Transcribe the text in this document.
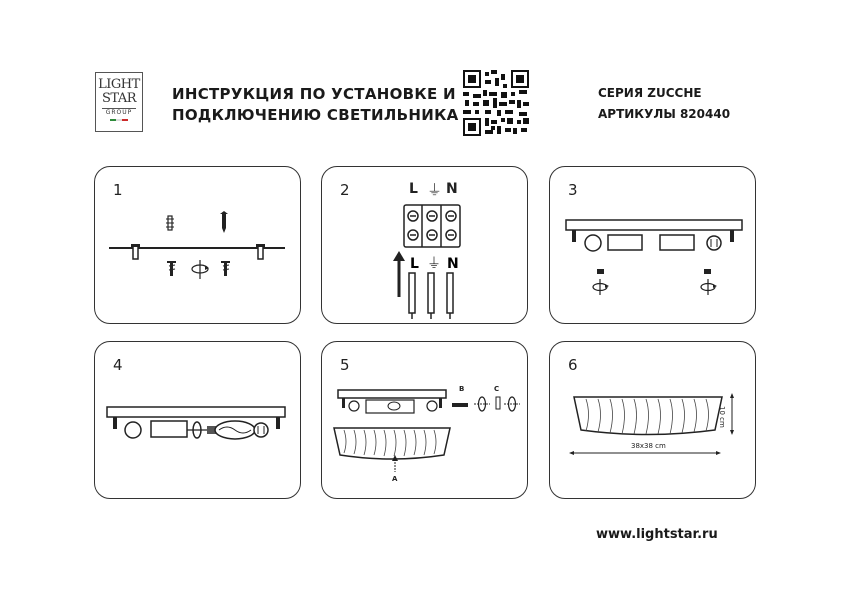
LIGHT
STAR
GROUP
ИНСТРУКЦИЯ ПО УСТАНОВКЕ И
ПОДКЛЮЧЕНИЮ СВЕТИЛЬНИКА
СЕРИЯ ZUCCHE
АРТИКУЛЫ 820440
1	2	L ⏚ N
L ⏚ N
3
4	5
B	C
A
6
38x38 cm
10 cm
www.lightstar.ru
